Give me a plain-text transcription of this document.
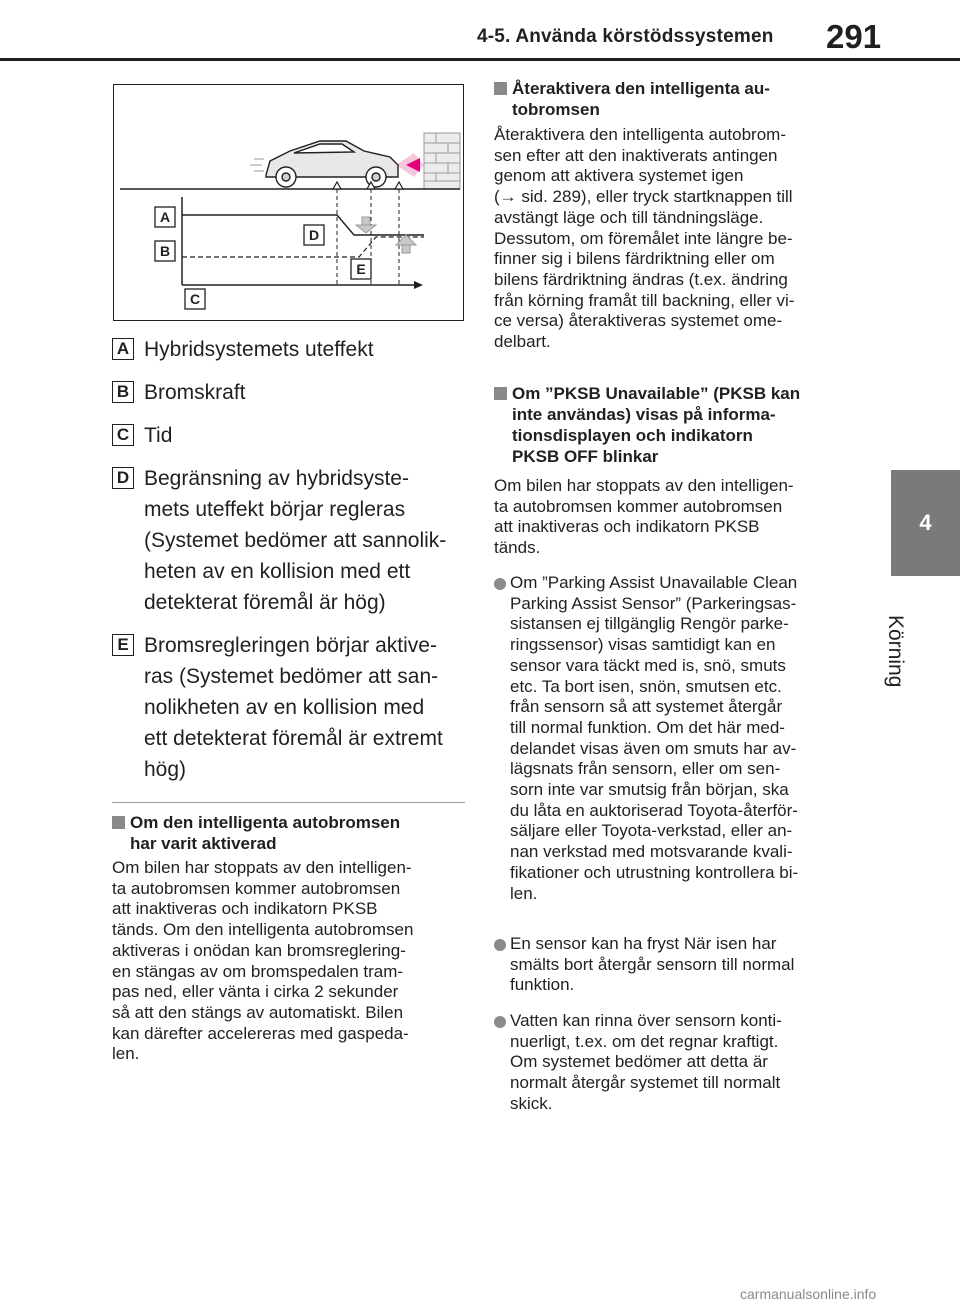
4-5. Använda körstödssystemen 291
4
Körning
A
B
C
D
E
A Hybridsystemets uteffekt
B Bromskraft
C Tid
D Begränsning av hybridsyste-
mets uteffekt börjar regleras
(Systemet bedömer att sannolik-
heten av en kollision med ett
detekterat föremål är hög)
E Bromsregleringen börjar aktive-
ras (Systemet bedömer att san-
nolikheten av en kollision med
ett detekterat föremål är extremt
hög)
Om den intelligenta autobromsen
har varit aktiverad
Om bilen har stoppats av den intelligen-
ta autobromsen kommer autobromsen
att inaktiveras och indikatorn PKSB
tänds. Om den intelligenta autobromsen
aktiveras i onödan kan bromsreglering-
en stängas av om bromspedalen tram-
pas ned, eller vänta i cirka 2 sekunder
så att den stängs av automatiskt. Bilen
kan därefter accelereras med gaspeda-
len.
Återaktivera den intelligenta au-
tobromsen
Återaktivera den intelligenta autobrom-
sen efter att den inaktiverats antingen
genom att aktivera systemet igen
(→ sid. 289), eller tryck startknappen till
avstängt läge och till tändningsläge.
Dessutom, om föremålet inte längre be-
finner sig i bilens färdriktning eller om
bilens färdriktning ändras (t.ex. ändring
från körning framåt till backning, eller vi-
ce versa) återaktiveras systemet ome-
delbart.
Om ”PKSB Unavailable” (PKSB kan
inte användas) visas på informa-
tionsdisplayen och indikatorn
PKSB OFF blinkar
Om bilen har stoppats av den intelligen-
ta autobromsen kommer autobromsen
att inaktiveras och indikatorn PKSB
tänds.
Om ”Parking Assist Unavailable Clean
Parking Assist Sensor” (Parkeringsas-
sistansen ej tillgänglig Rengör parke-
ringssensor) visas samtidigt kan en
sensor vara täckt med is, snö, smuts
etc. Ta bort isen, snön, smutsen etc.
från sensorn så att systemet återgår
till normal funktion. Om det här med-
delandet visas även om smuts har av-
lägsnats från sensorn, eller om sen-
sorn inte var smutsig från början, ska
du låta en auktoriserad Toyota-återför-
säljare eller Toyota-verkstad, eller an-
nan verkstad med motsvarande kvali-
fikationer och utrustning kontrollera bi-
len.
En sensor kan ha fryst När isen har
smälts bort återgår sensorn till normal
funktion.
Vatten kan rinna över sensorn konti-
nuerligt, t.ex. om det regnar kraftigt.
Om systemet bedömer att detta är
normalt återgår systemet till normalt
skick.
carmanualsonline.info
